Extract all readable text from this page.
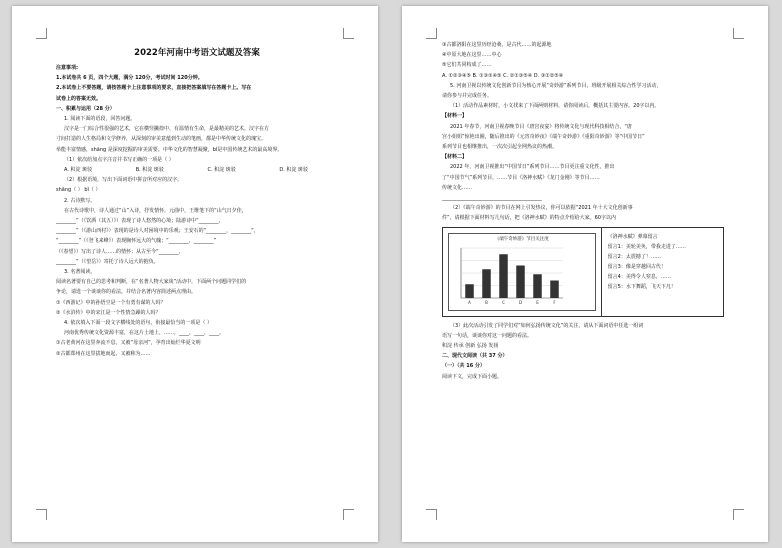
2022年河南中考语文试题及答案
注意事项:
1.本试卷共 6 页，四个大题，满分 120分，考试时间 120分钟。
2.本试卷上不要答题，请按答题卡上注意事项的要求，直接把答案填写在答题卡上。写在
试卷上的答案无效。
一、积累与运用（28 分）
1. 阅读下面的语段，回答问题。
汉字是一门综合性很强的艺术，它在横竖撇捺中、有温情有生命，是最精美的艺术。汉字在方
寸间打造的人生格局和文学修养，从深刻的审美意蕴到生动的笔画，都是中华传统文化的瑰宝。
举能丰富情感，shāng 是深度挖掘的审美需要。中华文化的智慧凝聚，bǐ是中国传统艺术的最高境界。
（1）依次给加点字注音并书写正确的一项是（ ）
A. 积淀 斑驳	B. 积淀 斑驳	C. 积淀 斑驳	D. 积淀 斑驳
（2）根据语境，写出下面词语中拼音所对应的汉字。
shāng（ ） bǐ（ ）
2. 古诗默写。
在古代诗歌中，诗人通过“山”入诗，抒发情怀。元曲中，王维笔下的“山气日夕佳，
________”（《饮酒（其五）》）表现了诗人悠然的心境；陆游诗中“________，
________”（《游山西村》）表现的是诗人对困境中的乐观；王安石的“________，________”，
“________”（《登飞来峰》）表现胸怀远大的气魄；“________，________”
（《春望》）写出了诗人……的情怀；从古至今“________，
________”（《望岳》）寄托了诗人远大的抱负。
3. 名著阅读。
阅读名著要有自己的思考和判断，在“名著人物大家谈”活动中，下面两个问题同学们的
争论，请选一个谈谈你的看法。并结合名著内容简述两点理由。
①《西游记》中的孙悟空是一个有勇有谋的人吗？
②《水浒传》中的宋江是一个性情急躁的人吗？
4. 依次填入下面一段文字横线处的语句，衔接最恰当的一项是（ ）
河南优秀传统文化资源丰富，在这片土地上，……，____，____，____。
①古老黄河在这里奔流不息，又被“母亲河”，孕育出灿烂华夏文明
②古都郑州在这里拔地而起，又被称为……
③古都洛阳在这里历经沧桑，是古代……的起源地
④中原大地在这里……中心
⑤它们共同构成了……
A. ①②③④⑤ B. ①③②④⑤ C. ②①③⑤④ D. ③①②⑤④
5. 河南卫视以传统文化创新节目为核心开展“奇妙游”系列节目，班级开展相关综合性学习活动，
请你参与并完成任务。
（1）活动作品素材时，小文找来了下面两则材料，请你阅读后，概括其主要内容。20字以内。
【材料一】
2021 年春节，河南卫视春晚节目《唐宫夜宴》将传统文化与现代科技相结合，“唐
宫小姐姐”惊艳出圈，随后推出的《元宵奇妙夜》《端午奇妙游》《重阳奇妙游》等“中国节日”
系列节目也相继推出，一次次引起全网热议的热潮。
【材料二】
2022 年，河南卫视推出“中国节日”系列节目……节目更注重文化性，推出
了“中国节气”系列节目，……节目《洛神水赋》《龙门金刚》等节目……
传统文化……
________________________________________
（2）《端午奇妙游》的节目在网上引发热议，你可以依据“2021 年十大文化创新事
件”，请根据下面材料写几句话，把《洛神水赋》的特点介绍给大家。60字以内
《端午奇妙游》节目关注度
A	B	C	D	E	F
《洛神水赋》弹幕留言
留言1：美轮美奂，带我走进了……
留言2：太震撼了！……
留言3：像是穿越回古代！
留言4：美得令人窒息，……
留言5：水下舞蹈，飞天下凡！
（3）此次活动引发了同学们对“如何弘扬传统文化”的关注，请从下面词语中任选一组词
语写一句话，谈谈你对这一问题的看法。
积淀 传承 创新 弘扬 发扬
二、现代文阅读（共 37 分）
（一）（共 16 分）
阅读下文，完成下面小题。
